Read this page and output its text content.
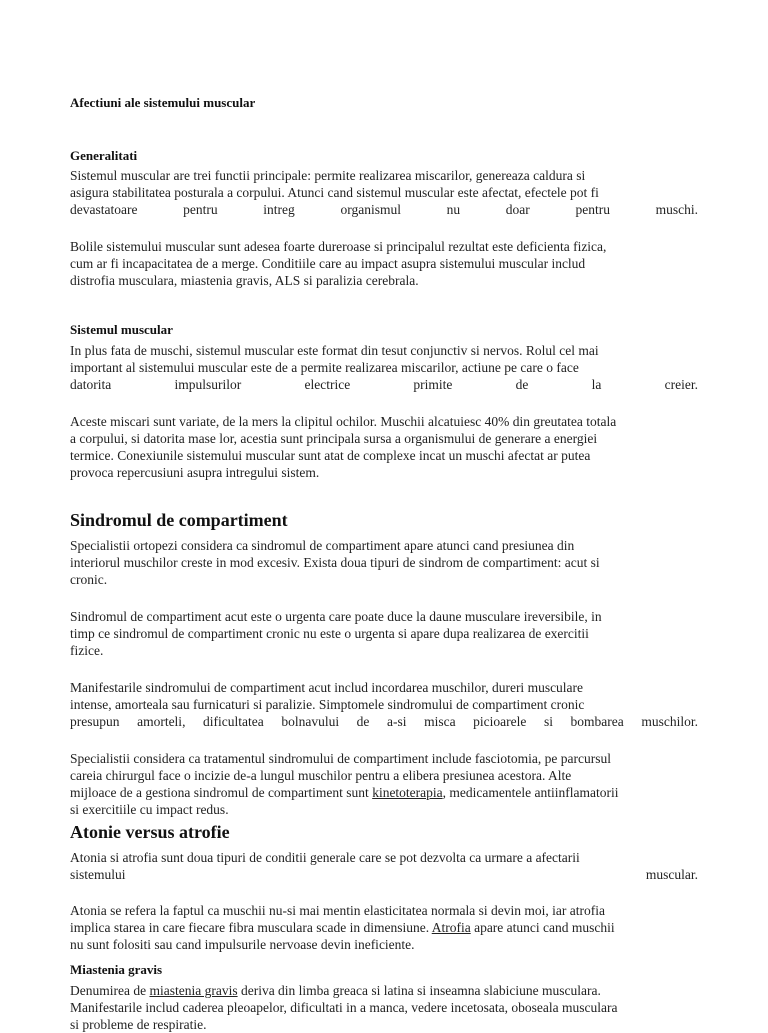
Afectiuni ale sistemului muscular
Generalitati
Sistemul muscular are trei functii principale: permite realizarea miscarilor, genereaza caldura si
asigura stabilitatea posturala a corpului. Atunci cand sistemul muscular este afectat, efectele pot fi
devastatoare pentru intreg organismul nu doar pentru muschi.
Bolile sistemului muscular sunt adesea foarte dureroase si principalul rezultat este deficienta fizica,
cum ar fi incapacitatea de a merge. Conditiile care au impact asupra sistemului muscular includ
distrofia musculara, miastenia gravis, ALS si paralizia cerebrala.
Sistemul muscular
In plus fata de muschi, sistemul muscular este format din tesut conjunctiv si nervos. Rolul cel mai
important al sistemului muscular este de a permite realizarea miscarilor, actiune pe care o face
datorita impulsurilor electrice primite de la creier.
Aceste miscari sunt variate, de la mers la clipitul ochilor. Muschii alcatuiesc 40% din greutatea totala
a corpului, si datorita mase lor, acestia sunt principala sursa a organismului de generare a energiei
termice. Conexiunile sistemului muscular sunt atat de complexe incat un muschi afectat ar putea
provoca repercusiuni asupra intregului sistem.
Sindromul de compartiment
Specialistii ortopezi considera ca sindromul de compartiment apare atunci cand presiunea din
interiorul muschilor creste in mod excesiv. Exista doua tipuri de sindrom de compartiment: acut si
cronic.
Sindromul de compartiment acut este o urgenta care poate duce la daune musculare ireversibile, in
timp ce sindromul de compartiment cronic nu este o urgenta si apare dupa realizarea de exercitii
fizice.
Manifestarile sindromului de compartiment acut includ incordarea muschilor, dureri musculare
intense, amorteala sau furnicaturi si paralizie. Simptomele sindromului de compartiment cronic
presupun amorteli, dificultatea bolnavului de a-si misca picioarele si bombarea muschilor.
Specialistii considera ca tratamentul sindromului de compartiment include fasciotomia, pe parcursul
careia chirurgul face o incizie de-a lungul muschilor pentru a elibera presiunea acestora. Alte
mijloace de a gestiona sindromul de compartiment sunt kinetoterapia, medicamentele antiinflamatorii
si exercitiile cu impact redus.
Atonie versus atrofie
Atonia si atrofia sunt doua tipuri de conditii generale care se pot dezvolta ca urmare a afectarii
sistemului muscular.
Atonia se refera la faptul ca muschii nu-si mai mentin elasticitatea normala si devin moi, iar atrofia
implica starea in care fiecare fibra musculara scade in dimensiune. Atrofia apare atunci cand muschii
nu sunt folositi sau cand impulsurile nervoase devin ineficiente.
Miastenia gravis
Denumirea de miastenia gravis deriva din limba greaca si latina si inseamna slabiciune musculara.
Manifestarile includ caderea pleoapelor, dificultati in a manca, vedere incetosata, oboseala musculara
si probleme de respiratie.
